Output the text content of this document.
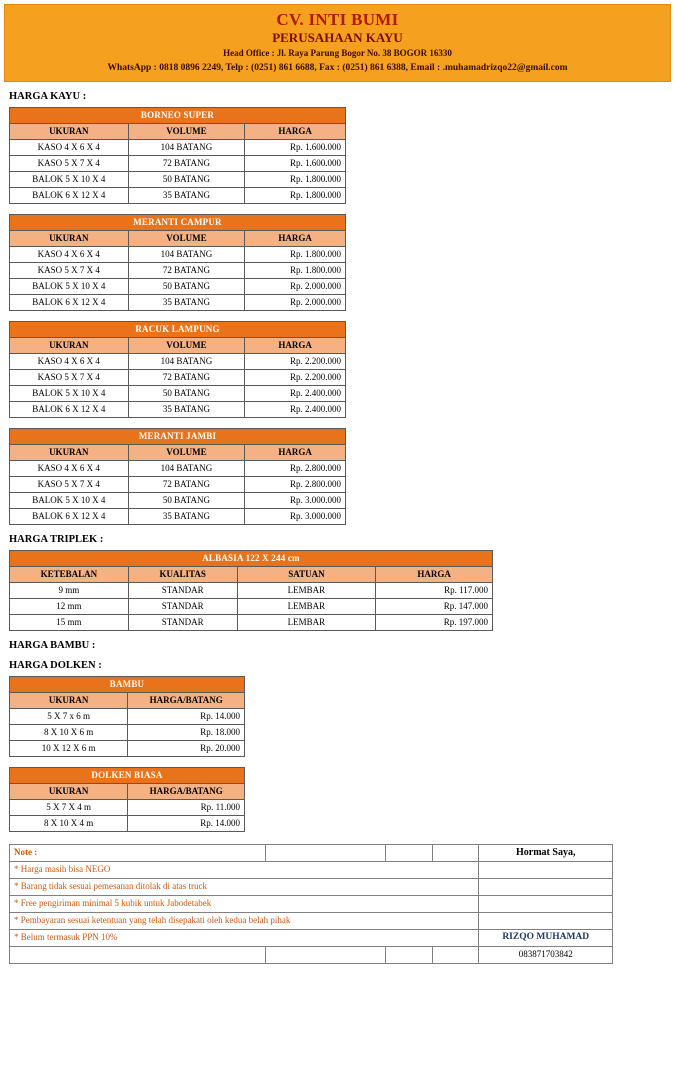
CV. INTI BUMI
PERUSAHAAN KAYU
Head Office : Jl. Raya Parung Bogor No. 38 BOGOR 16330
WhatsApp : 0818 0896 2249, Telp : (0251) 861 6688, Fax : (0251) 861 6388, Email : .muhamadrizqo22@gmail.com
HARGA KAYU :
BORNEO SUPER		
UKURAN	VOLUME	HARGA
KASO 4 X 6 X 4	104 BATANG	Rp. 1.600.000
KASO 5 X 7 X 4	72 BATANG	Rp. 1.600.000
BALOK 5 X 10 X 4	50 BATANG	Rp. 1.800.000
BALOK 6 X 12 X 4	35 BATANG	Rp. 1.800.000
MERANTI CAMPUR		
UKURAN	VOLUME	HARGA
KASO 4 X 6 X 4	104 BATANG	Rp. 1.800.000
KASO 5 X 7 X 4	72 BATANG	Rp. 1.800.000
BALOK 5 X 10 X 4	50 BATANG	Rp. 2.000.000
BALOK 6 X 12 X 4	35 BATANG	Rp. 2.000.000
RACUK LAMPUNG		
UKURAN	VOLUME	HARGA
KASO 4 X 6 X 4	104 BATANG	Rp. 2.200.000
KASO 5 X 7 X 4	72 BATANG	Rp. 2.200.000
BALOK 5 X 10 X 4	50 BATANG	Rp. 2.400.000
BALOK 6 X 12 X 4	35 BATANG	Rp. 2.400.000
MERANTI JAMBI		
UKURAN	VOLUME	HARGA
KASO 4 X 6 X 4	104 BATANG	Rp. 2.800.000
KASO 5 X 7 X 4	72 BATANG	Rp. 2.800.000
BALOK 5 X 10 X 4	50 BATANG	Rp. 3.000.000
BALOK 6 X 12 X 4	35 BATANG	Rp. 3.000.000
HARGA TRIPLEK :
ALBASIA 122 X 244 cm			
KETEBALAN	KUALITAS	SATUAN	HARGA
9 mm	STANDAR	LEMBAR	Rp. 117.000
12 mm	STANDAR	LEMBAR	Rp. 147.000
15 mm	STANDAR	LEMBAR	Rp. 197.000
HARGA BAMBU :
HARGA DOLKEN :
BAMBU	
UKURAN	HARGA/BATANG
5 X 7 x 6 m	Rp. 14.000
8 X 10 X 6 m	Rp. 18.000
10 X 12 X 6 m	Rp. 20.000
DOLKEN BIASA	
UKURAN	HARGA/BATANG
5 X 7 X 4 m	Rp. 11.000
8 X 10 X 4 m	Rp. 14.000
Note :				Hormat Saya,
* Harga masih bisa NEGO				
* Barang tidak sesuai pemesanan ditolak di atas truck				
* Free pengiriman minimal 5 kubik untuk Jabodetabek				
* Pembayaran sesuai ketentuan yang telah disepakati oleh kedua belah pihak				
* Belum termasuk PPN 10%				RIZQO MUHAMAD
				083871703842
